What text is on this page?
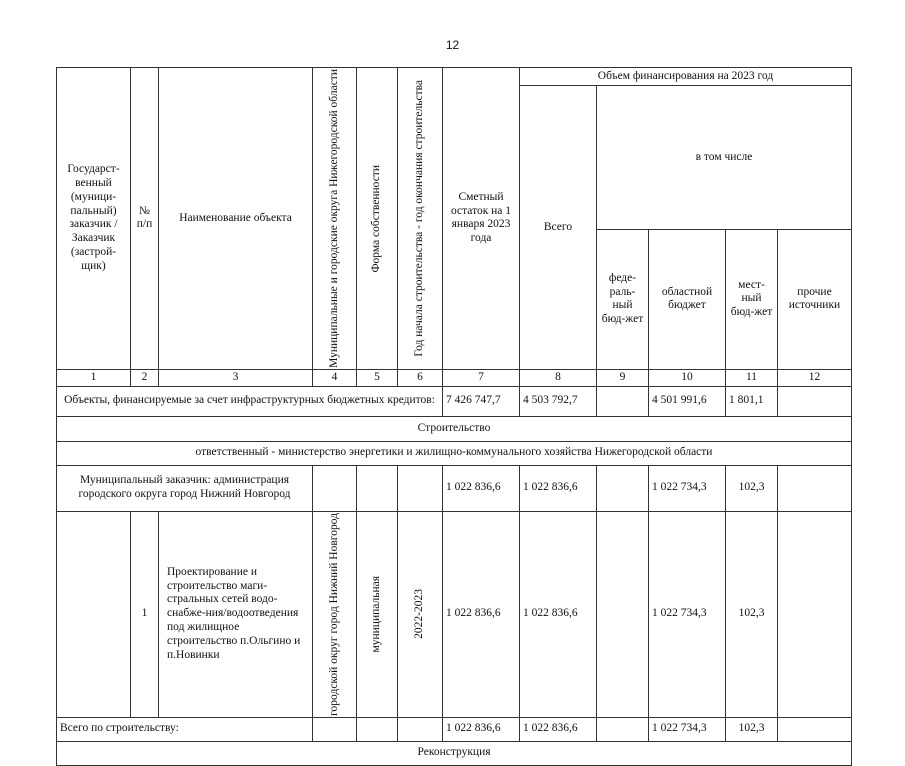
12
Государст-венный (муници-пальный) заказчик / Заказчик (застрой-щик)	№ п/п	Наименование объекта	Муниципальные и городские округа Нижегородской области	Форма собственности	Год начала строительства - год окончания строительства	Сметный остаток на 1 января 2023 года	Объем финансирования на 2023 год				
							Всего	в том числе			
								феде-раль-ный бюд-жет	областной бюджет	мест-ный бюд-жет	прочие источники
1	2	3	4	5	6	7	8	9	10	11	12
Объекты, финансируемые за счет инфраструктурных бюджетных кредитов:						7 426 747,7	4 503 792,7		4 501 991,6	1 801,1	
Строительство											
ответственный - министерство энергетики и жилищно-коммунального хозяйства Нижегородской области											
Муниципальный заказчик: администрация городского округа город Нижний Новгород						1 022 836,6	1 022 836,6		1 022 734,3	102,3	
	1	Проектирование и строительство маги-стральных сетей водо-снабже-ния/водоотведения под жилищное строительство п.Ольгино и п.Новинки	городской округ город Нижний Новгород	муниципальная	2022-2023	1 022 836,6	1 022 836,6		1 022 734,3	102,3	
Всего по строительству:						1 022 836,6	1 022 836,6		1 022 734,3	102,3	
Реконструкция											
